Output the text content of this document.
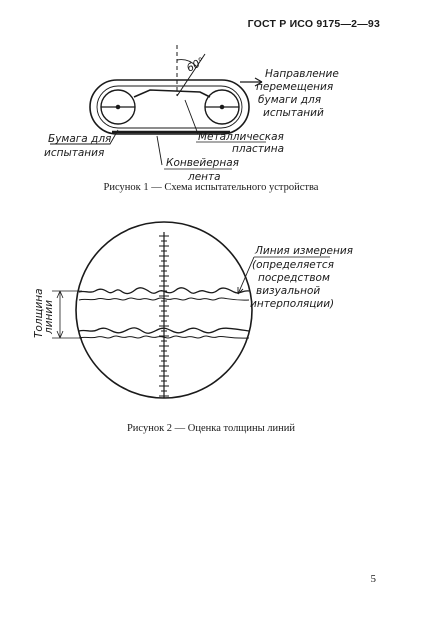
ГОСТ Р ИСО 9175—2—93
60°	Направление
перемещения
бумаги для
испытаний
Бумага для
испытания
Металлическая
пластина
Конвейерная
лента
Линия измерения
(определяется
посредством
визуальной
интерполяции)
Толщина
линии
Рисунок 1 — Схема испытательного устройства
Рисунок 2 — Оценка толщины линий
5
